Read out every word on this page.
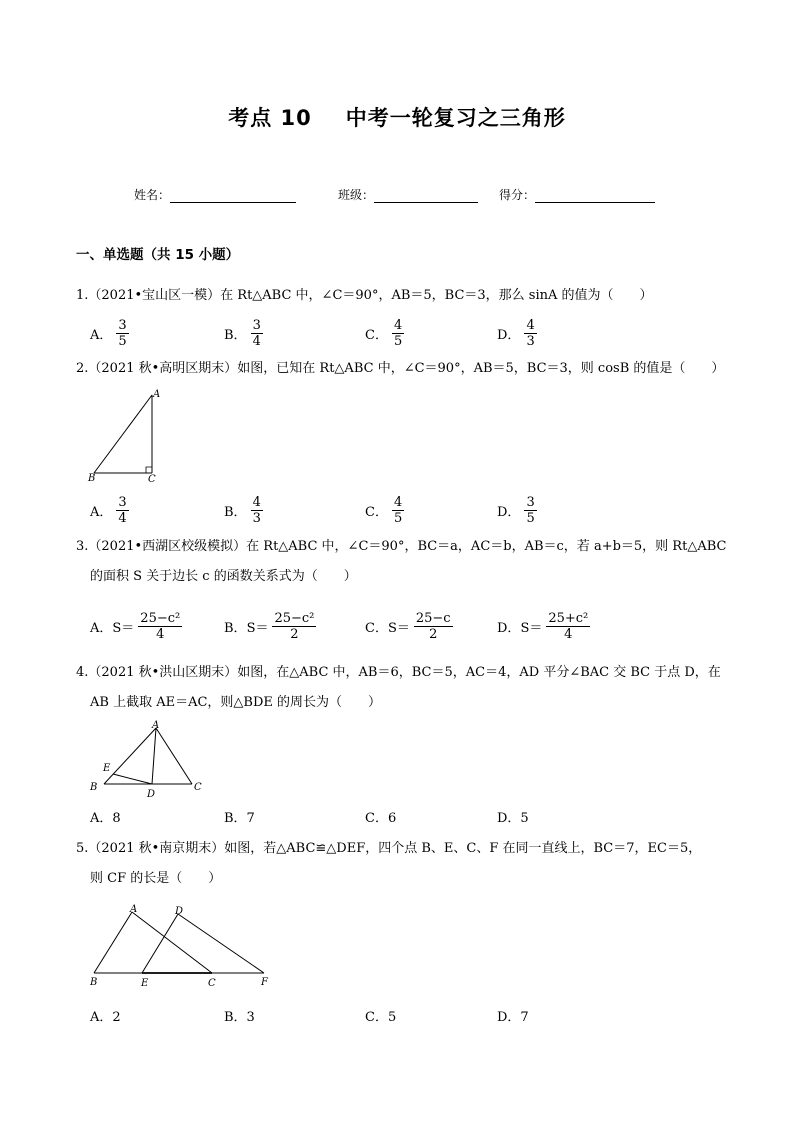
考点 10 中考一轮复习之三角形
姓名：	班级：	得分：
一、单选题（共 15 小题）
1.（2021•宝山区一模）在 Rt△ABC 中，∠C＝90°，AB＝5，BC＝3，那么 sinA 的值为（　　）
A． $\frac{3}{5}$	B． $\frac{3}{4}$	C． $\frac{4}{5}$	D． $\frac{4}{3}$
2.（2021 秋•高明区期末）如图，已知在 Rt△ABC 中，∠C＝90°，AB＝5，BC＝3，则 cosB 的值是（　　）
A
B	C
A． $\frac{3}{4}$	B． $\frac{4}{3}$	C． $\frac{4}{5}$	D． $\frac{3}{5}$
3.（2021•西湖区校级模拟）在 Rt△ABC 中，∠C＝90°，BC＝a，AC＝b，AB＝c，若 a+b＝5，则 Rt△ABC
的面积 S 关于边长 c 的函数关系式为（　　）
A． $S= \frac{\text{25−c²}}{4}$	B． $S= \frac{\text{25−c²}}{2}$	C． $S= \frac{25-c}{2}$	D． $S= \frac{\text{25+c²}}{4}$
4.（2021 秋•洪山区期末）如图，在△ABC 中，AB＝6，BC＝5，AC＝4，AD 平分∠BAC 交 BC 于点 D，在
AB 上截取 AE＝AC，则△BDE 的周长为（　　）
A
B	C
D
E
A．8	B．7	C．6	D．5
5.（2021 秋•南京期末）如图，若△ABC≌△DEF，四个点 B、E、C、F 在同一直线上，BC＝7，EC＝5，
则 CF 的长是（　　）
A	D
B	E	C	F
A．2	B．3	C．5	D．7
